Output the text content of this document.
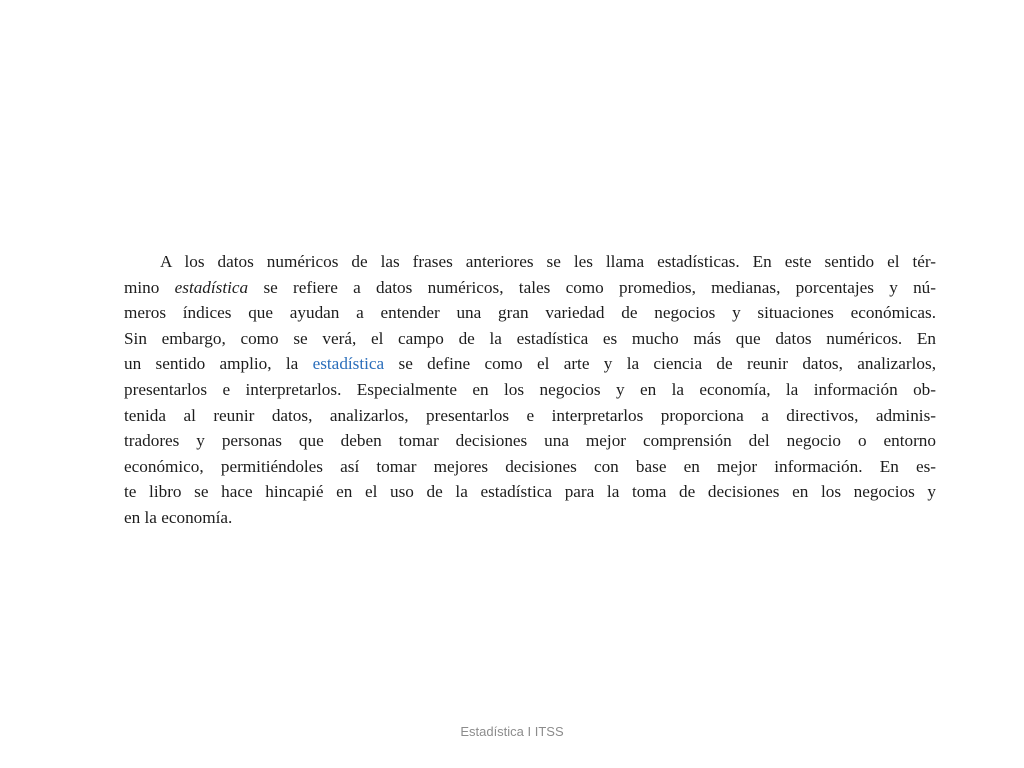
A los datos numéricos de las frases anteriores se les llama estadísticas. En este sentido el tér-
mino estadística se refiere a datos numéricos, tales como promedios, medianas, porcentajes y nú-
meros índices que ayudan a entender una gran variedad de negocios y situaciones económicas.
Sin embargo, como se verá, el campo de la estadística es mucho más que datos numéricos. En
un sentido amplio, la estadística se define como el arte y la ciencia de reunir datos, analizarlos,
presentarlos e interpretarlos. Especialmente en los negocios y en la economía, la información ob-
tenida al reunir datos, analizarlos, presentarlos e interpretarlos proporciona a directivos, adminis-
tradores y personas que deben tomar decisiones una mejor comprensión del negocio o entorno
económico, permitiéndoles así tomar mejores decisiones con base en mejor información. En es-
te libro se hace hincapié en el uso de la estadística para la toma de decisiones en los negocios y
en la economía.
Estadística I ITSS
